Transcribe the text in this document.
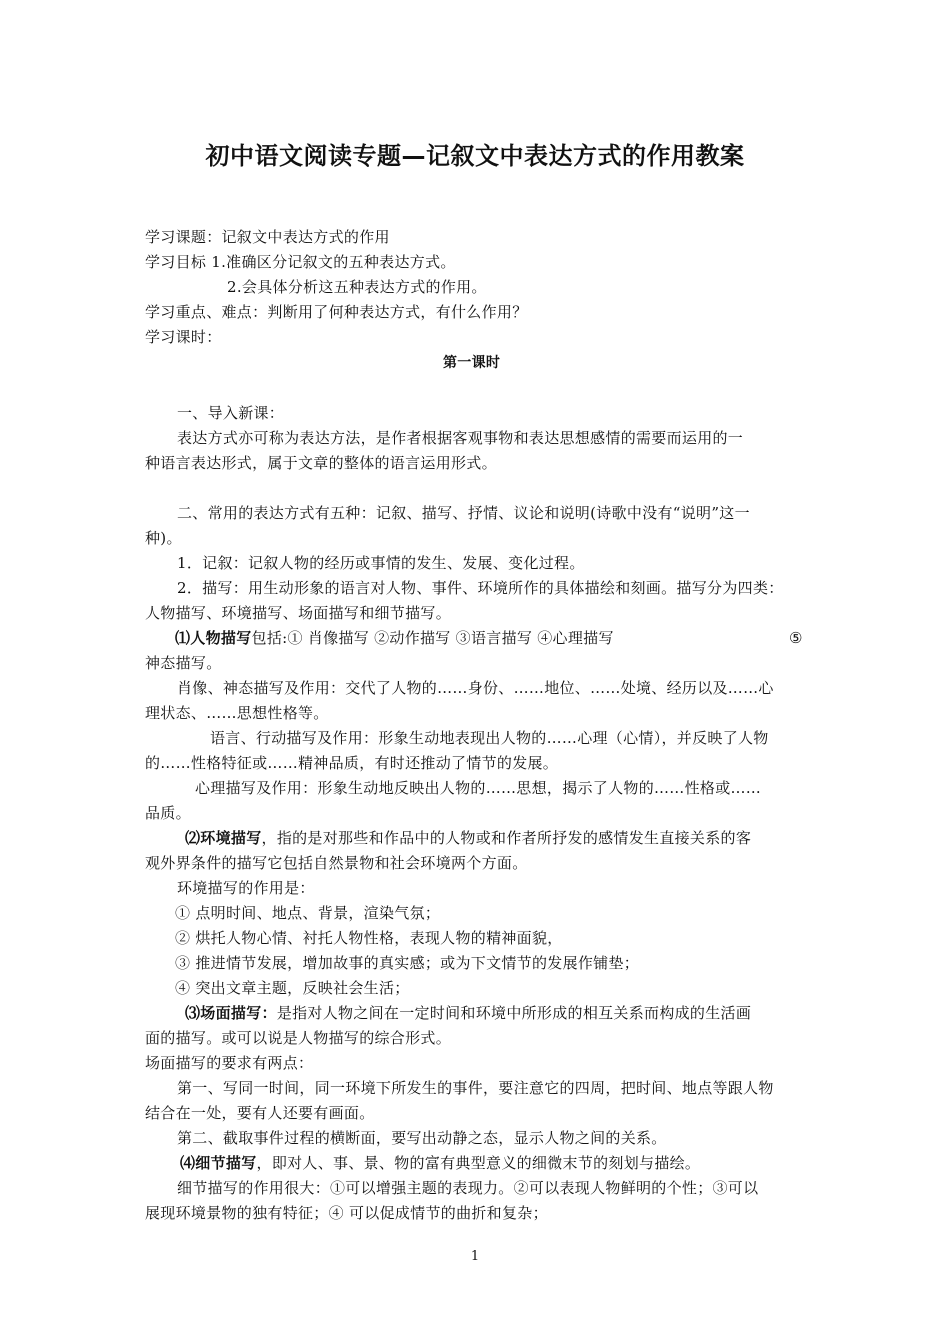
初中语文阅读专题—记叙文中表达方式的作用教案
学习课题：记叙文中表达方式的作用
学习目标 1.准确区分记叙文的五种表达方式。
2.会具体分析这五种表达方式的作用。
学习重点、难点：判断用了何种表达方式，有什么作用？
学习课时：
第一课时
一、导入新课：
表达方式亦可称为表达方法，是作者根据客观事物和表达思想感情的需要而运用的一
种语言表达形式，属于文章的整体的语言运用形式。
二、常用的表达方式有五种：记叙、描写、抒情、议论和说明(诗歌中没有“说明”这一
种)。
1．记叙：记叙人物的经历或事情的发生、发展、变化过程。
2．描写：用生动形象的语言对人物、事件、环境所作的具体描绘和刻画。描写分为四类：
人物描写、环境描写、场面描写和细节描写。
⑴人物描写包括:① 肖像描写 ②动作描写 ③语言描写 ④心理描写	⑤
神态描写。
肖像、神态描写及作用：交代了人物的……身份、……地位、……处境、经历以及……心
理状态、……思想性格等。
语言、行动描写及作用：形象生动地表现出人物的……心理（心情），并反映了人物
的……性格特征或……精神品质，有时还推动了情节的发展。
心理描写及作用：形象生动地反映出人物的……思想，揭示了人物的……性格或……
品质。
⑵环境描写，指的是对那些和作品中的人物或和作者所抒发的感情发生直接关系的客
观外界条件的描写它包括自然景物和社会环境两个方面。
环境描写的作用是：
① 点明时间、地点、背景，渲染气氛；
② 烘托人物心情、衬托人物性格，表现人物的精神面貌，
③ 推进情节发展，增加故事的真实感；或为下文情节的发展作铺垫；
④ 突出文章主题，反映社会生活；
⑶场面描写：是指对人物之间在一定时间和环境中所形成的相互关系而构成的生活画
面的描写。或可以说是人物描写的综合形式。
场面描写的要求有两点：
第一、写同一时间，同一环境下所发生的事件，要注意它的四周，把时间、地点等跟人物
结合在一处，要有人还要有画面。
第二、截取事件过程的横断面，要写出动静之态，显示人物之间的关系。
⑷细节描写，即对人、事、景、物的富有典型意义的细微末节的刻划与描绘。
细节描写的作用很大：①可以增强主题的表现力。②可以表现人物鲜明的个性；③可以
展现环境景物的独有特征；④ 可以促成情节的曲折和复杂；
1
